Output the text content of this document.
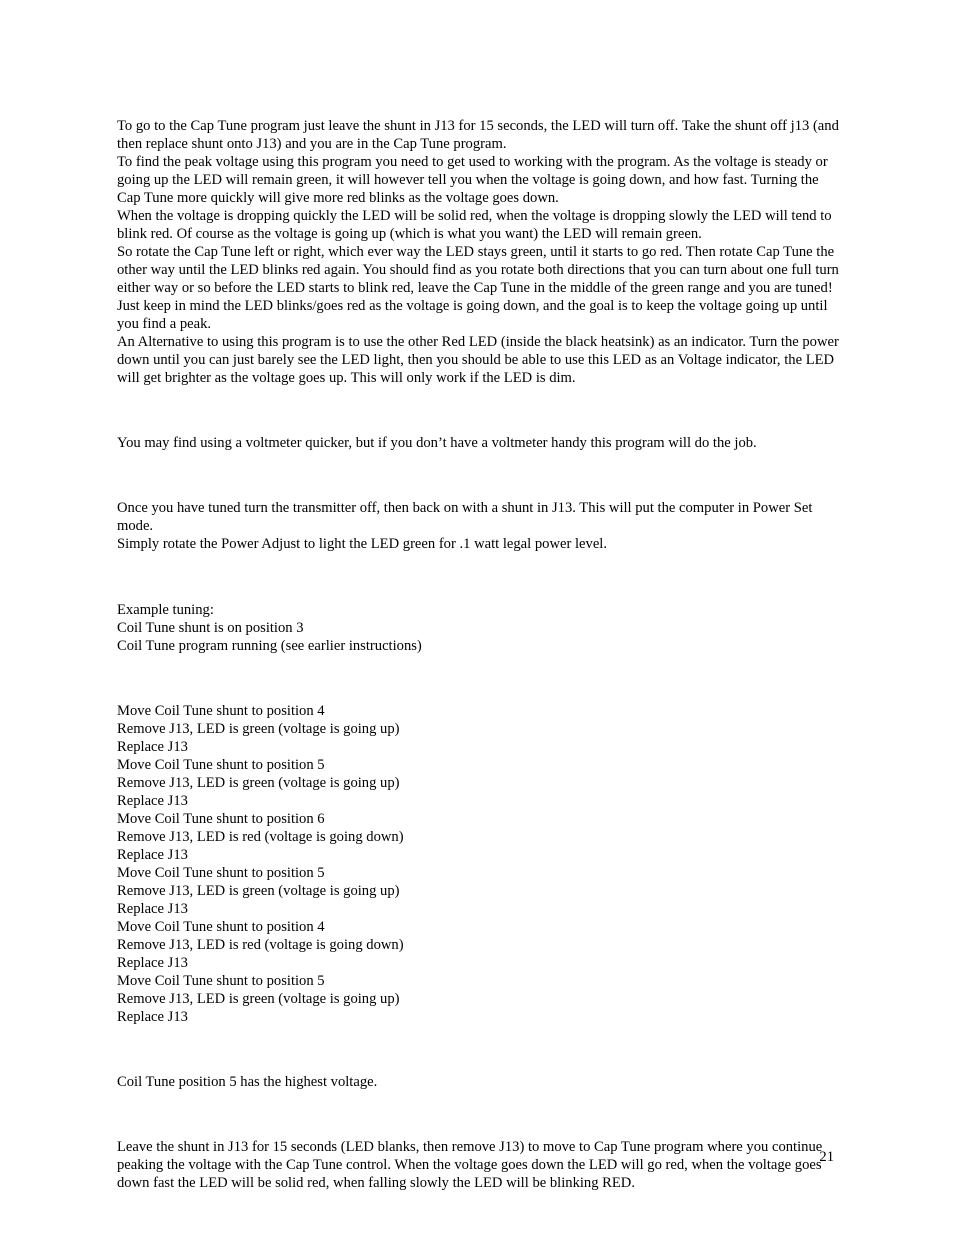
To go to the Cap Tune program just leave the shunt in J13 for 15 seconds, the LED will turn off. Take the shunt off j13 (and then replace shunt onto J13) and you are in the Cap Tune program.

To find the peak voltage using this program you need to get used to working with the program. As the voltage is steady or going up the LED will remain green, it will however tell you when the voltage is going down, and how fast. Turning the Cap Tune more quickly will give more red blinks as the voltage goes down.

When the voltage is dropping quickly the LED will be solid red, when the voltage is dropping slowly the LED will tend to blink red. Of course as the voltage is going up (which is what you want) the LED will remain green.

So rotate the Cap Tune left or right, which ever way the LED stays green, until it starts to go red. Then rotate Cap Tune the other way until the LED blinks red again. You should find as you rotate both directions that you can turn about one full turn either way or so before the LED starts to blink red, leave the Cap Tune in the middle of the green range and you are tuned!

Just keep in mind the LED blinks/goes red as the voltage is going down, and the goal is to keep the voltage going up until you find a peak.

An Alternative to using this program is to use the other Red LED (inside the black heatsink) as an indicator. Turn the power down until you can just barely see the LED light, then you should be able to use this LED as an Voltage indicator, the LED will get brighter as the voltage goes up. This will only work if the LED is dim.

You may find using a voltmeter quicker, but if you don’t have a voltmeter handy this program will do the job.

Once you have tuned turn the transmitter off, then back on with a shunt in J13. This will put the computer in Power Set mode.

Simply rotate the Power Adjust to light the LED green for .1 watt legal power level.

Example tuning:

Coil Tune shunt is on position 3

Coil Tune program running (see earlier instructions)

Move Coil Tune shunt to position 4

Remove J13, LED is green (voltage is going up)

Replace J13

Move Coil Tune shunt to position 5

Remove J13, LED is green (voltage is going up)

Replace J13

Move Coil Tune shunt to position 6

Remove J13, LED is red (voltage is going down)

Replace J13

Move Coil Tune shunt to position 5

Remove J13, LED is green (voltage is going up)

Replace J13

Move Coil Tune shunt to position 4

Remove J13, LED is red (voltage is going down)

Replace J13

Move Coil Tune shunt to position 5

Remove J13, LED is green (voltage is going up)

Replace J13

Coil Tune position 5 has the highest voltage.

Leave the shunt in J13 for 15 seconds (LED blanks, then remove J13) to move to Cap Tune program where you continue peaking the voltage with the Cap Tune control. When the voltage goes down the LED will go red, when the voltage goes down fast the LED will be solid red, when falling slowly the LED will be blinking RED.

21
